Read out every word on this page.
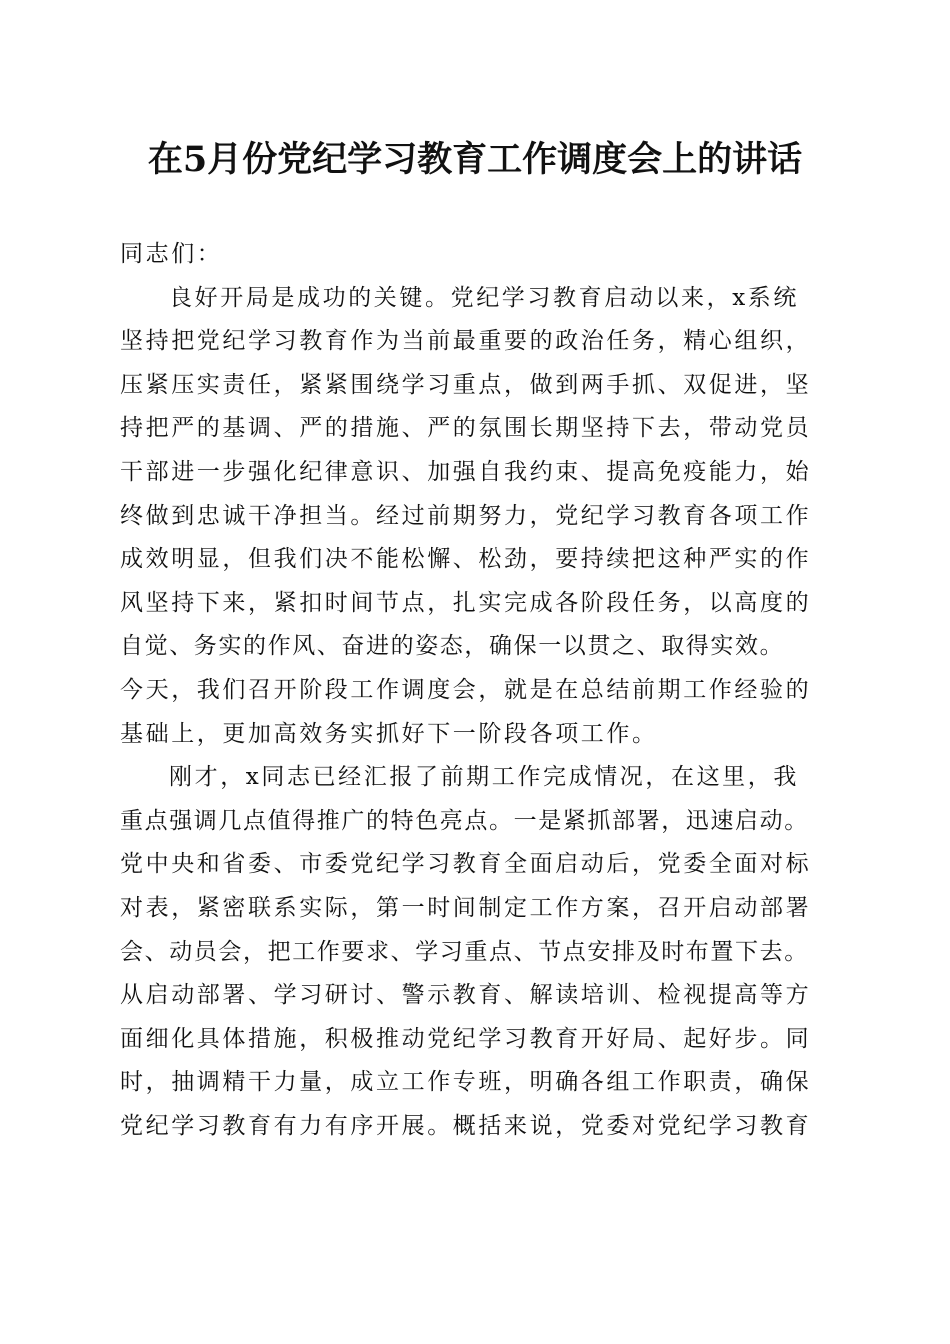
在5月份党纪学习教育工作调度会上的讲话
同志们：
良好开局是成功的关键。党纪学习教育启动以来，x系统
坚持把党纪学习教育作为当前最重要的政治任务，精心组织，
压紧压实责任，紧紧围绕学习重点，做到两手抓、双促进，坚
持把严的基调、严的措施、严的氛围长期坚持下去，带动党员
干部进一步强化纪律意识、加强自我约束、提高免疫能力，始
终做到忠诚干净担当。经过前期努力，党纪学习教育各项工作
成效明显，但我们决不能松懈、松劲，要持续把这种严实的作
风坚持下来，紧扣时间节点，扎实完成各阶段任务，以高度的
自觉、务实的作风、奋进的姿态，确保一以贯之、取得实效。
今天，我们召开阶段工作调度会，就是在总结前期工作经验的
基础上，更加高效务实抓好下一阶段各项工作。
刚才，x同志已经汇报了前期工作完成情况，在这里，我
重点强调几点值得推广的特色亮点。一是紧抓部署，迅速启动。
党中央和省委、市委党纪学习教育全面启动后，党委全面对标
对表，紧密联系实际，第一时间制定工作方案，召开启动部署
会、动员会，把工作要求、学习重点、节点安排及时布置下去。
从启动部署、学习研讨、警示教育、解读培训、检视提高等方
面细化具体措施，积极推动党纪学习教育开好局、起好步。同
时，抽调精干力量，成立工作专班，明确各组工作职责，确保
党纪学习教育有力有序开展。概括来说，党委对党纪学习教育
